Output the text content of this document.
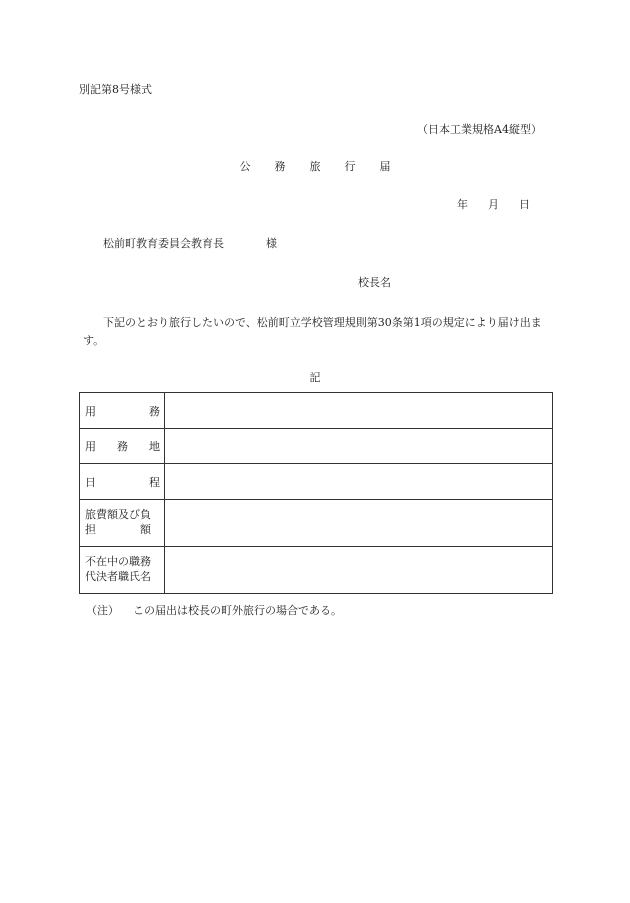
別記第8号様式
（日本工業規格A4縦型）
公 務 旅 行 届
年 月 日
松前町教育委員会教育長	様
校長名
下記のとおり旅行したいので、松前町立学校管理規則第30条第1項の規定により届け出ます。
記
用 務	

用 務 地	

日 程	

旅費額及び負
担　　　　額	

不在中の職務
代決者職氏名	

（注） この届出は校長の町外旅行の場合である。
